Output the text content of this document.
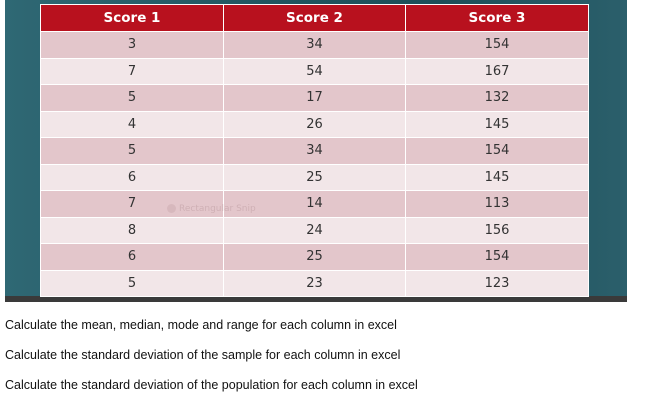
Score 1	Score 2	Score 3
3	34	154
7	54	167
5	17	132
4	26	145
5	34	154
6	25	145
7	14	113
8	24	156
6	25	154
5	23	123
Rectangular Snip

Calculate the mean, median, mode and range for each column in excel

Calculate the standard deviation of the sample for each column in excel

Calculate the standard deviation of the population for each column in excel
